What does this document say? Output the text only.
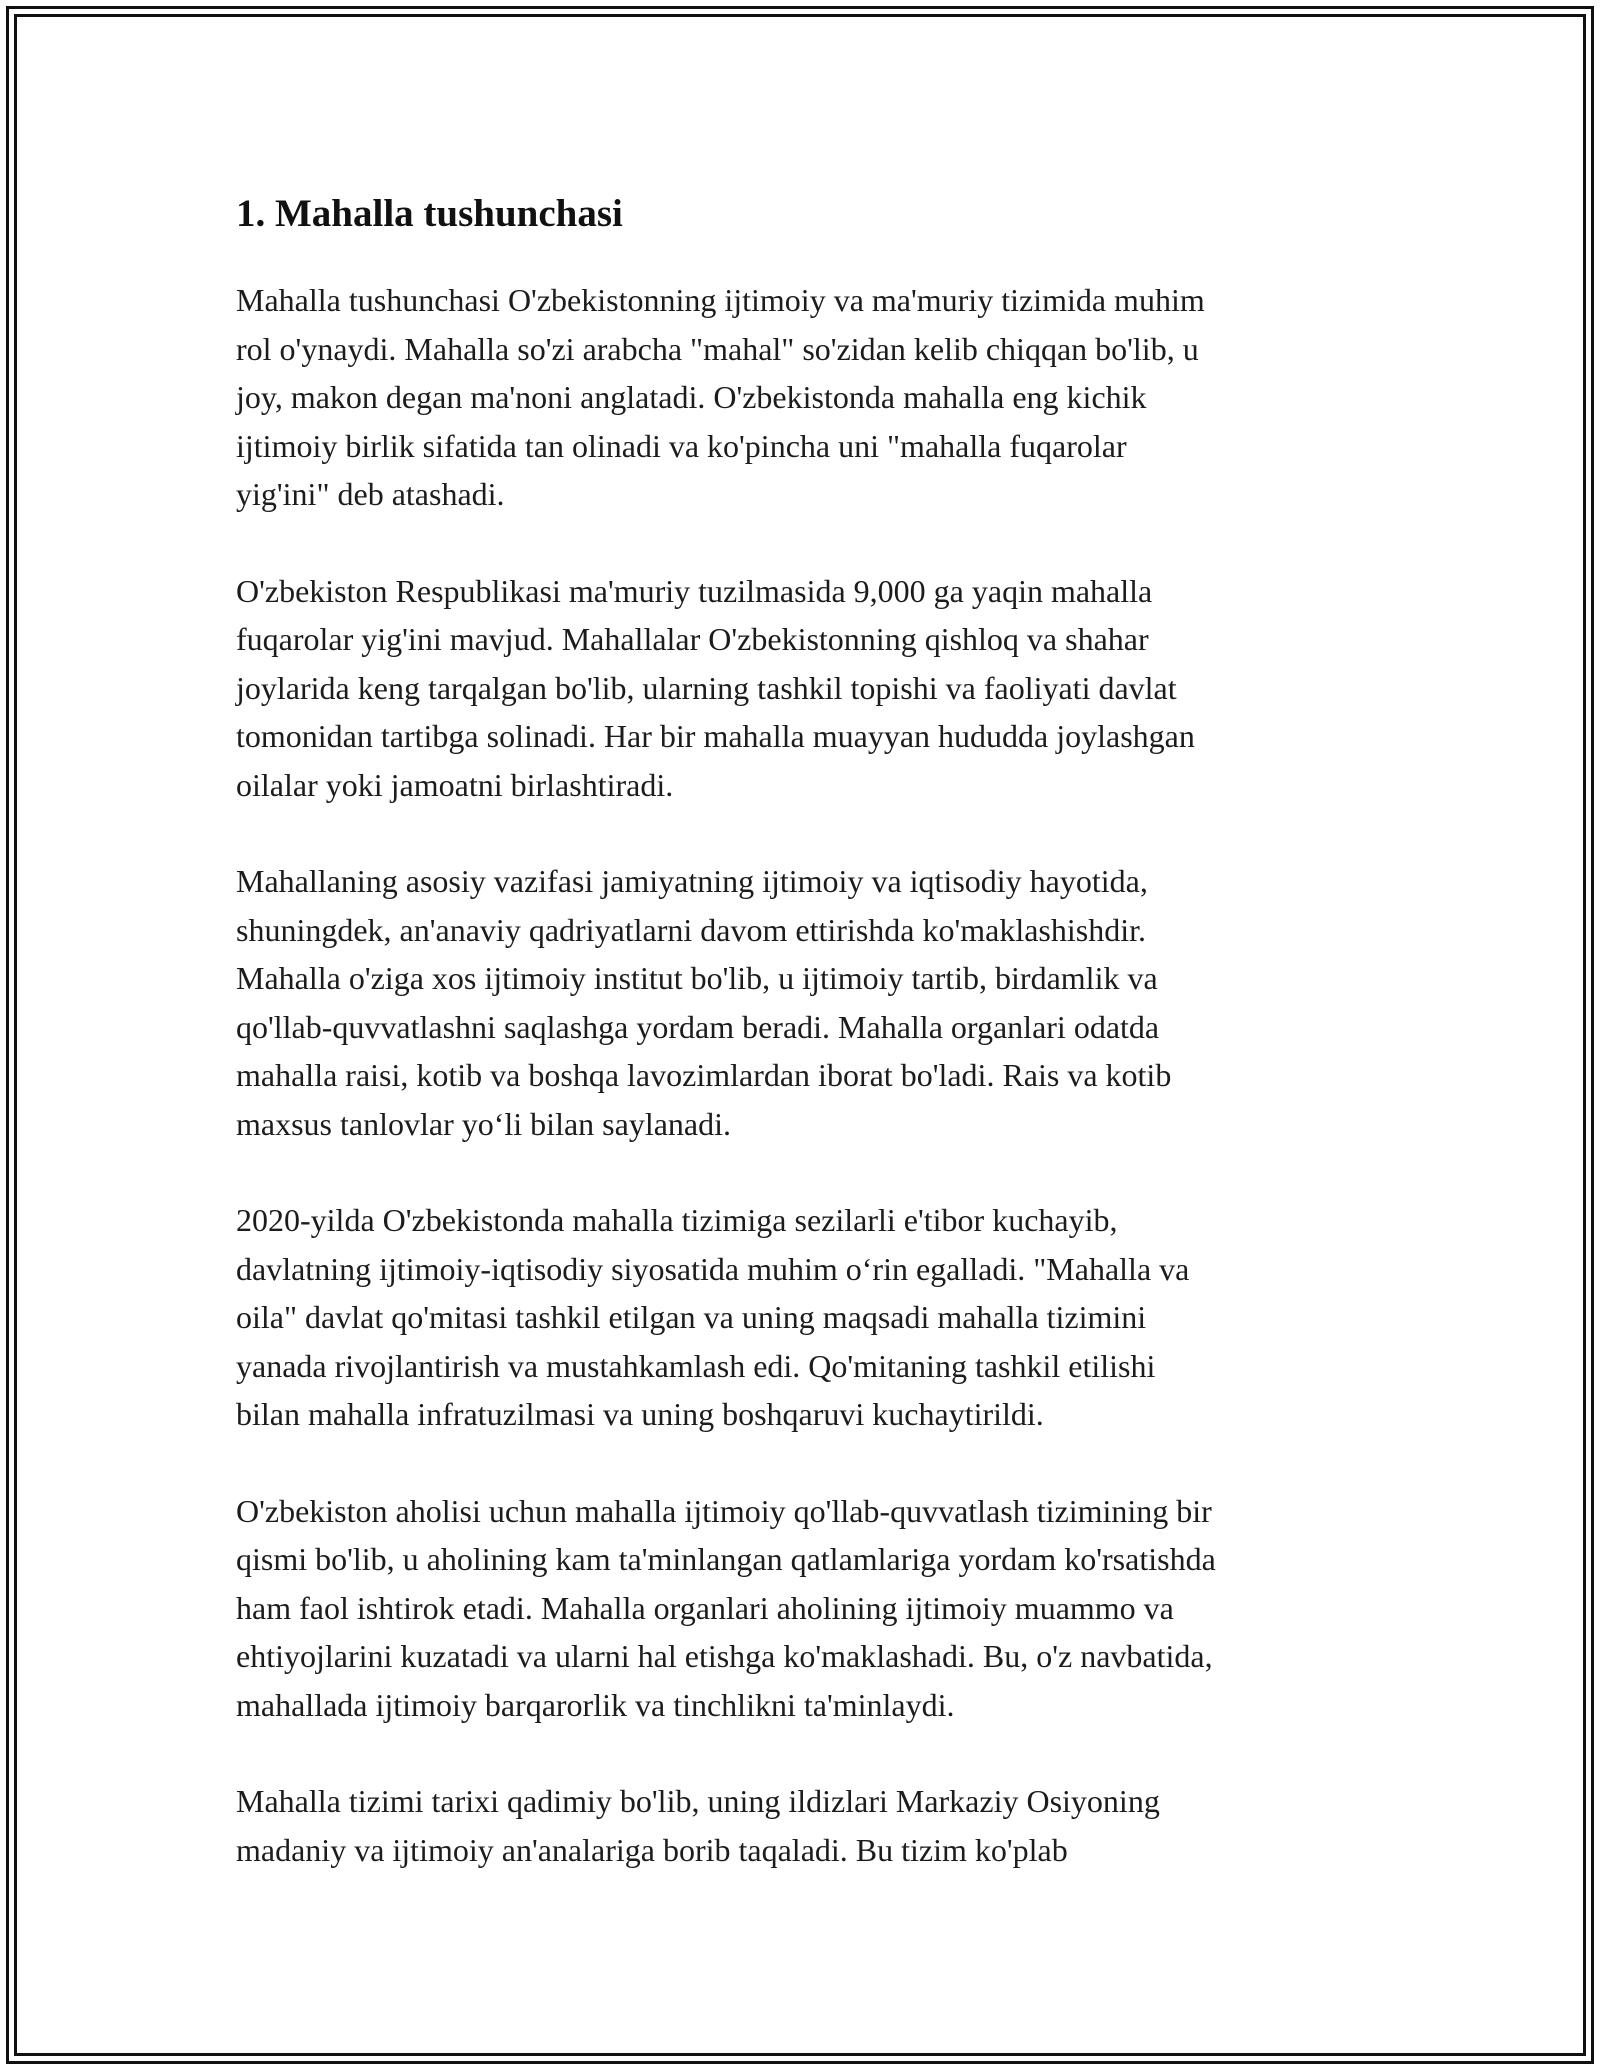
1. Mahalla tushunchasi

Mahalla tushunchasi O'zbekistonning ijtimoiy va ma'muriy tizimida muhim
rol o'ynaydi. Mahalla so'zi arabcha "mahal" so'zidan kelib chiqqan bo'lib, u
joy, makon degan ma'noni anglatadi. O'zbekistonda mahalla eng kichik
ijtimoiy birlik sifatida tan olinadi va ko'pincha uni "mahalla fuqarolar
yig'ini" deb atashadi.

O'zbekiston Respublikasi ma'muriy tuzilmasida 9,000 ga yaqin mahalla
fuqarolar yig'ini mavjud. Mahallalar O'zbekistonning qishloq va shahar
joylarida keng tarqalgan bo'lib, ularning tashkil topishi va faoliyati davlat
tomonidan tartibga solinadi. Har bir mahalla muayyan hududda joylashgan
oilalar yoki jamoatni birlashtiradi.

Mahallaning asosiy vazifasi jamiyatning ijtimoiy va iqtisodiy hayotida,
shuningdek, an'anaviy qadriyatlarni davom ettirishda ko'maklashishdir.
Mahalla o'ziga xos ijtimoiy institut bo'lib, u ijtimoiy tartib, birdamlik va
qo'llab-quvvatlashni saqlashga yordam beradi. Mahalla organlari odatda
mahalla raisi, kotib va boshqa lavozimlardan iborat bo'ladi. Rais va kotib
maxsus tanlovlar yo‘li bilan saylanadi.

2020-yilda O'zbekistonda mahalla tizimiga sezilarli e'tibor kuchayib,
davlatning ijtimoiy-iqtisodiy siyosatida muhim o‘rin egalladi. "Mahalla va
oila" davlat qo'mitasi tashkil etilgan va uning maqsadi mahalla tizimini
yanada rivojlantirish va mustahkamlash edi. Qo'mitaning tashkil etilishi
bilan mahalla infratuzilmasi va uning boshqaruvi kuchaytirildi.

O'zbekiston aholisi uchun mahalla ijtimoiy qo'llab-quvvatlash tizimining bir
qismi bo'lib, u aholining kam ta'minlangan qatlamlariga yordam ko'rsatishda
ham faol ishtirok etadi. Mahalla organlari aholining ijtimoiy muammo va
ehtiyojlarini kuzatadi va ularni hal etishga ko'maklashadi. Bu, o'z navbatida,
mahallada ijtimoiy barqarorlik va tinchlikni ta'minlaydi.

Mahalla tizimi tarixi qadimiy bo'lib, uning ildizlari Markaziy Osiyoning
madaniy va ijtimoiy an'analariga borib taqaladi. Bu tizim ko'plab
